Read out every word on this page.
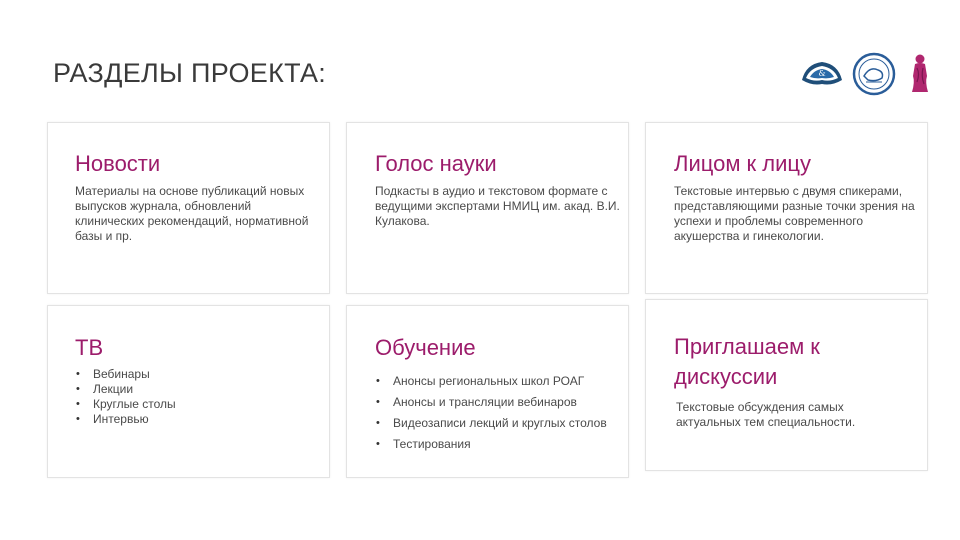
РАЗДЕЛЫ ПРОЕКТА:	&
Новости

Материалы на основе публикаций новых выпусков журнала, обновлений клинических рекомендаций, нормативной базы и пр.

Голос науки

Подкасты в аудио и текстовом формате с ведущими экспертами НМИЦ им. акад. В.И. Кулакова.

Лицом к лицу

Текстовые интервью с двумя спикерами, представляющими разные точки зрения на успехи и проблемы современного акушерства и гинекологии.

ТВ
• Вебинары
• Лекции
• Круглые столы
• Интервью
Обучение
• Анонсы региональных школ РОАГ
• Анонсы и трансляции вебинаров
• Видеозаписи лекций и круглых столов
• Тестирования
Приглашаем к дискуссии

Текстовые обсуждения самых актуальных тем специальности.
